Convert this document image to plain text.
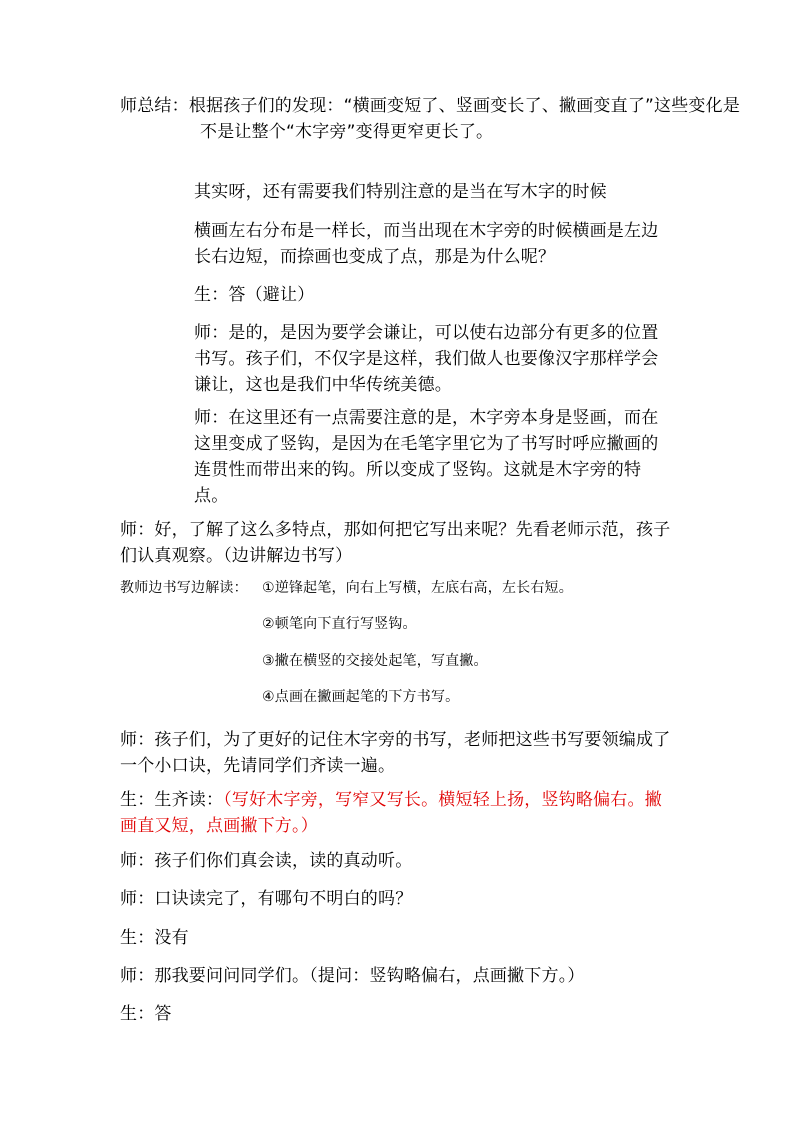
师总结：根据孩子们的发现：“横画变短了、竖画变长了、撇画变直了”这些变化是不是让整个“木字旁”变得更窄更长了。
其实呀，还有需要我们特别注意的是当在写木字的时候
横画左右分布是一样长，而当出现在木字旁的时候横画是左边长右边短，而捺画也变成了点，那是为什么呢？
生：答（避让）
师：是的，是因为要学会谦让，可以使右边部分有更多的位置书写。孩子们，不仅字是这样，我们做人也要像汉字那样学会谦让，这也是我们中华传统美德。
师：在这里还有一点需要注意的是，木字旁本身是竖画，而在这里变成了竖钩，是因为在毛笔字里它为了书写时呼应撇画的连贯性而带出来的钩。所以变成了竖钩。这就是木字旁的特点。
师：好，了解了这么多特点，那如何把它写出来呢？先看老师示范，孩子们认真观察。（边讲解边书写）
教师边书写边解读：	①逆锋起笔，向右上写横，左底右高，左长右短。
②顿笔向下直行写竖钩。
③撇在横竖的交接处起笔，写直撇。
④点画在撇画起笔的下方书写。
师：孩子们，为了更好的记住木字旁的书写，老师把这些书写要领编成了一个小口诀，先请同学们齐读一遍。
生：生齐读：（写好木字旁，写窄又写长。横短轻上扬，竖钩略偏右。撇画直又短，点画撇下方。）
师：孩子们你们真会读，读的真动听。
师：口诀读完了，有哪句不明白的吗？
生：没有
师：那我要问问同学们。（提问：竖钩略偏右，点画撇下方。）
生：答
